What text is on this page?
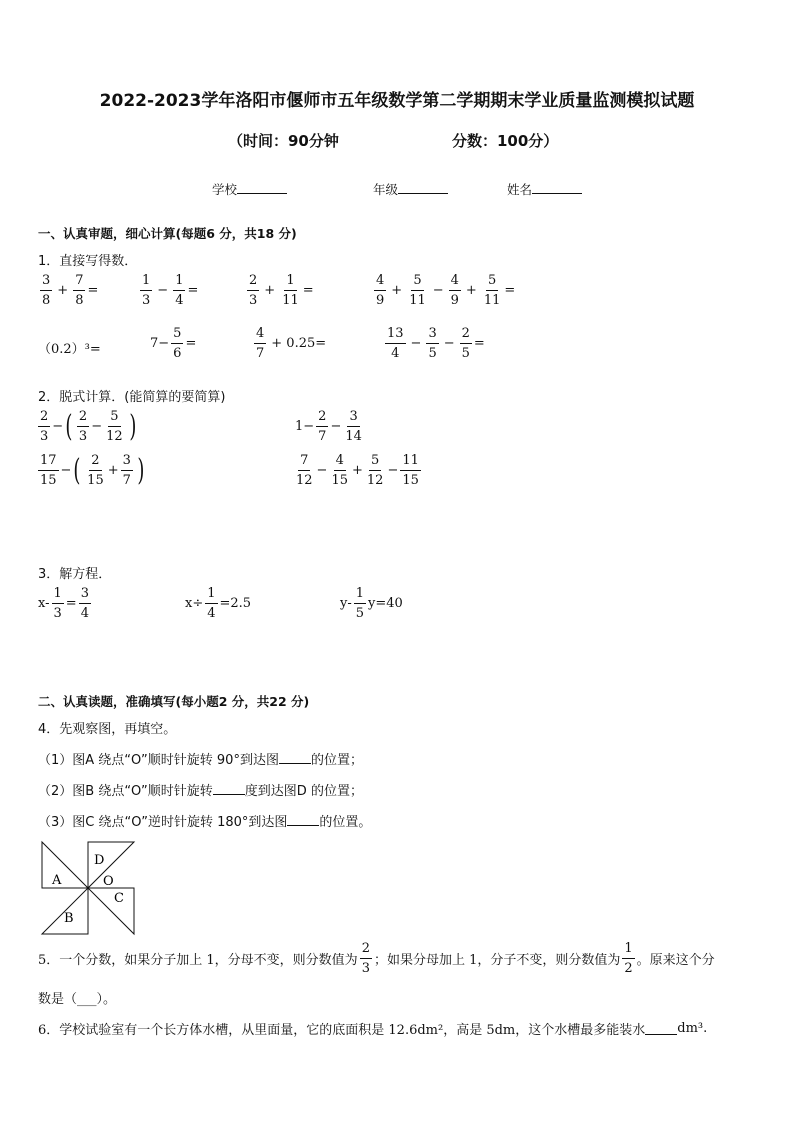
2022-2023学年洛阳市偃师市五年级数学第二学期期末学业质量监测模拟试题
（时间：90分钟	分数：100分）
学校	年级	姓名
一、认真审题，细心计算(每题6 分，共18 分)
1．直接写得数．
$\frac{3}{8} + \frac{7}{8}$ =	$\frac{1}{3} - \frac{1}{4}$ =	$\frac{2}{3} + \frac{1}{11}$ =	$\frac{4}{9} + \frac{5}{11} - \frac{4}{9} + \frac{5}{11}$ =
（0.2）³=	$7- \frac{5}{6}$ =	$\frac{4}{7} + 0.25=$	$\frac{13}{4} - \frac{3}{5} - \frac{2}{5}$ =
2．脱式计算．(能简算的要简算)
$\frac{2}{3}$ − ( $\frac{2}{3} - \frac{5}{12}$ )	$1- \frac{2}{7} - \frac{3}{14}$
$\frac{17}{15}$ − ( $\frac{2}{15} + \frac{3}{7}$ )	$\frac{7}{12} - \frac{4}{15} + \frac{5}{12} - \frac{11}{15}$
3．解方程．
$x- \frac{1}{3} = \frac{3}{4}$	$x\div \frac{1}{4} =2.5$	$y- \frac{1}{5} y=40$
二、认真读题，准确填写(每小题2 分，共22 分)
4．先观察图，再填空。
（1）图A 绕点“O”顺时针旋转 90°到达图 的位置；
（2）图B 绕点“O”顺时针旋转 度到达图D 的位置；
（3）图C 绕点“O”逆时针旋转 180°到达图 的位置。
A
B
C
D
O
5．一个分数，如果分子加上 1，分母不变，则分数值为 $\frac{2}{3}$ ；如果分母加上 1，分子不变，则分数值为 $\frac{1}{2}$ 。原来这个分
数是（___）。
6．学校试验室有一个长方体水槽，从里面量，它的底面积是 12.6dm²，高是 5dm，这个水槽最多能装水 dm³.
